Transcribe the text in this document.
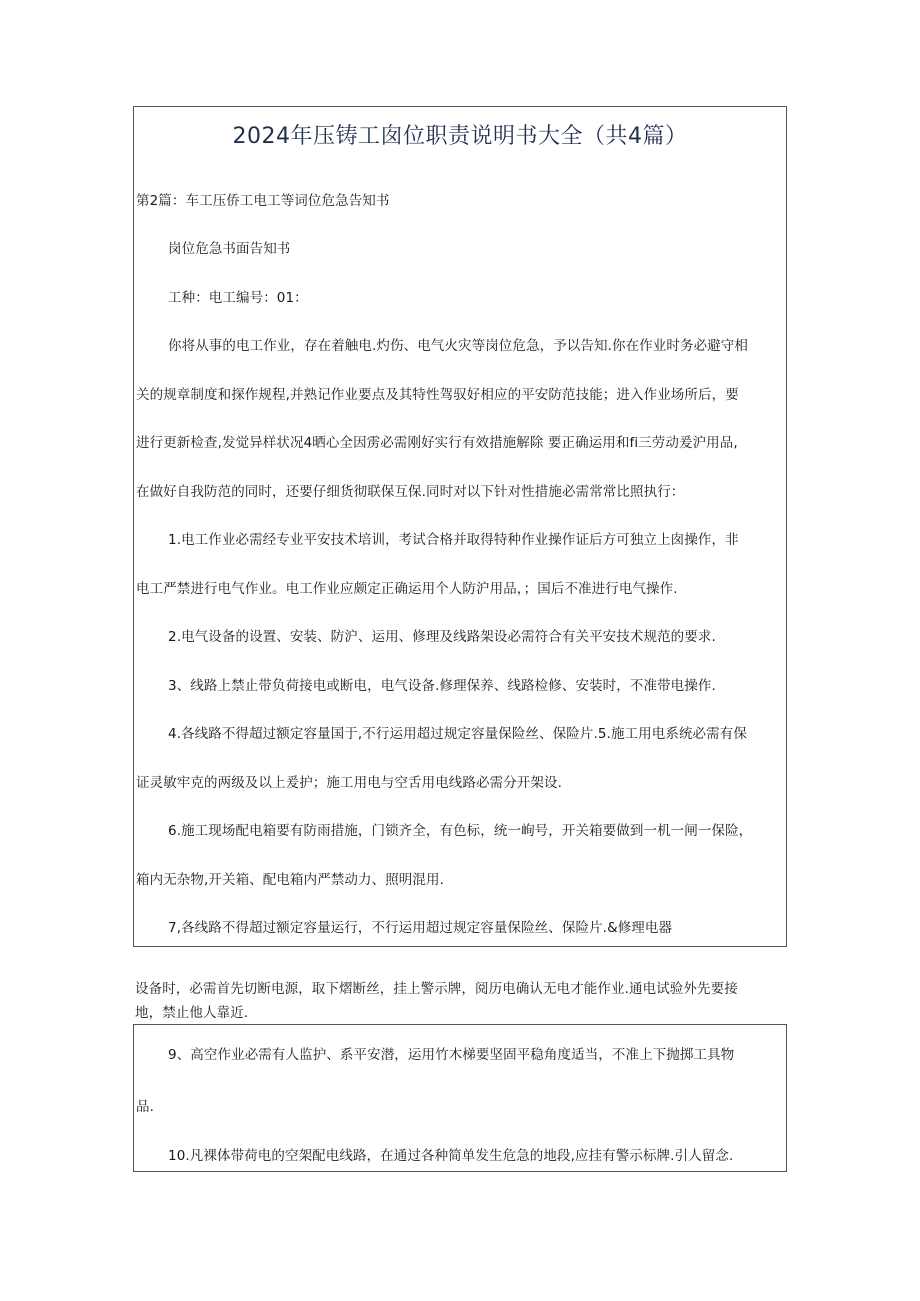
2024年压铸工囱位职责说明书大全（共4篇）
第2篇：车工压侨工电工等词位危急告知书
岗位危急书面告知书
工种：电工编号：01：
你将从事的电工作业，存在着触电.灼伤、电气火灾等岗位危急，予以告知.你在作业时务必避守相
关的规章制度和探作规程,并熟记作业要点及其特性驾驭好相应的平安防范技能；进入作业场所后，要
进行更新检查,发觉异样状况4晒心全因雳必需刚好实行有效措施解除 要正确运用和fi三劳动爰沪用品,
在做好自我防范的同时，还要仔细货彻联保互保.同时对以下针对性措施必需常常比照执行：
1.电工作业必需经专业平安技术培训，考试合格并取得特种作业操作证后方可独立上囱操作，非
电工严禁进行电气作业。电工作业应颇定正确运用个人防沪用品，；国后不准进行电气操作.
2.电气设备的设置、安装、防沪、运用、修理及线路架设必需符合有关平安技术规范的要求.
3、线路上禁止带负荷接电或断电，电气设备.修理保养、线路检修、安装时，不准带电操作.
4.各线路不得超过额定容量国于,不行运用超过规定容量保险丝、保险片.5.施工用电系统必需有保
证灵敏牢克的两级及以上爰护；施工用电与空舌用电线路必需分开架设.
6.施工现场配电箱要有防雨措施，门锁齐全，有色标，统一峋号，开关箱要做到一机一闸一保险，
箱内无杂物,开关箱、配电箱内严禁动力、照明混用.
7,各线路不得超过额定容量运行，不行运用超过规定容量保险丝、保险片.&修理电器
设备时，必需首先切断电源，取下熠断丝，挂上警示牌，阅历电确认无电才能作业.通电试验外先要接
地，禁止他人靠近.
9、高空作业必需有人监护、系平安潜，运用竹木梯要坚固平稳角度适当，不准上下抛掷工具物
品.
10.凡裸体带荷电的空架配电线路，在通过各种简单发生危急的地段,应挂有警示标牌.引人留念.
